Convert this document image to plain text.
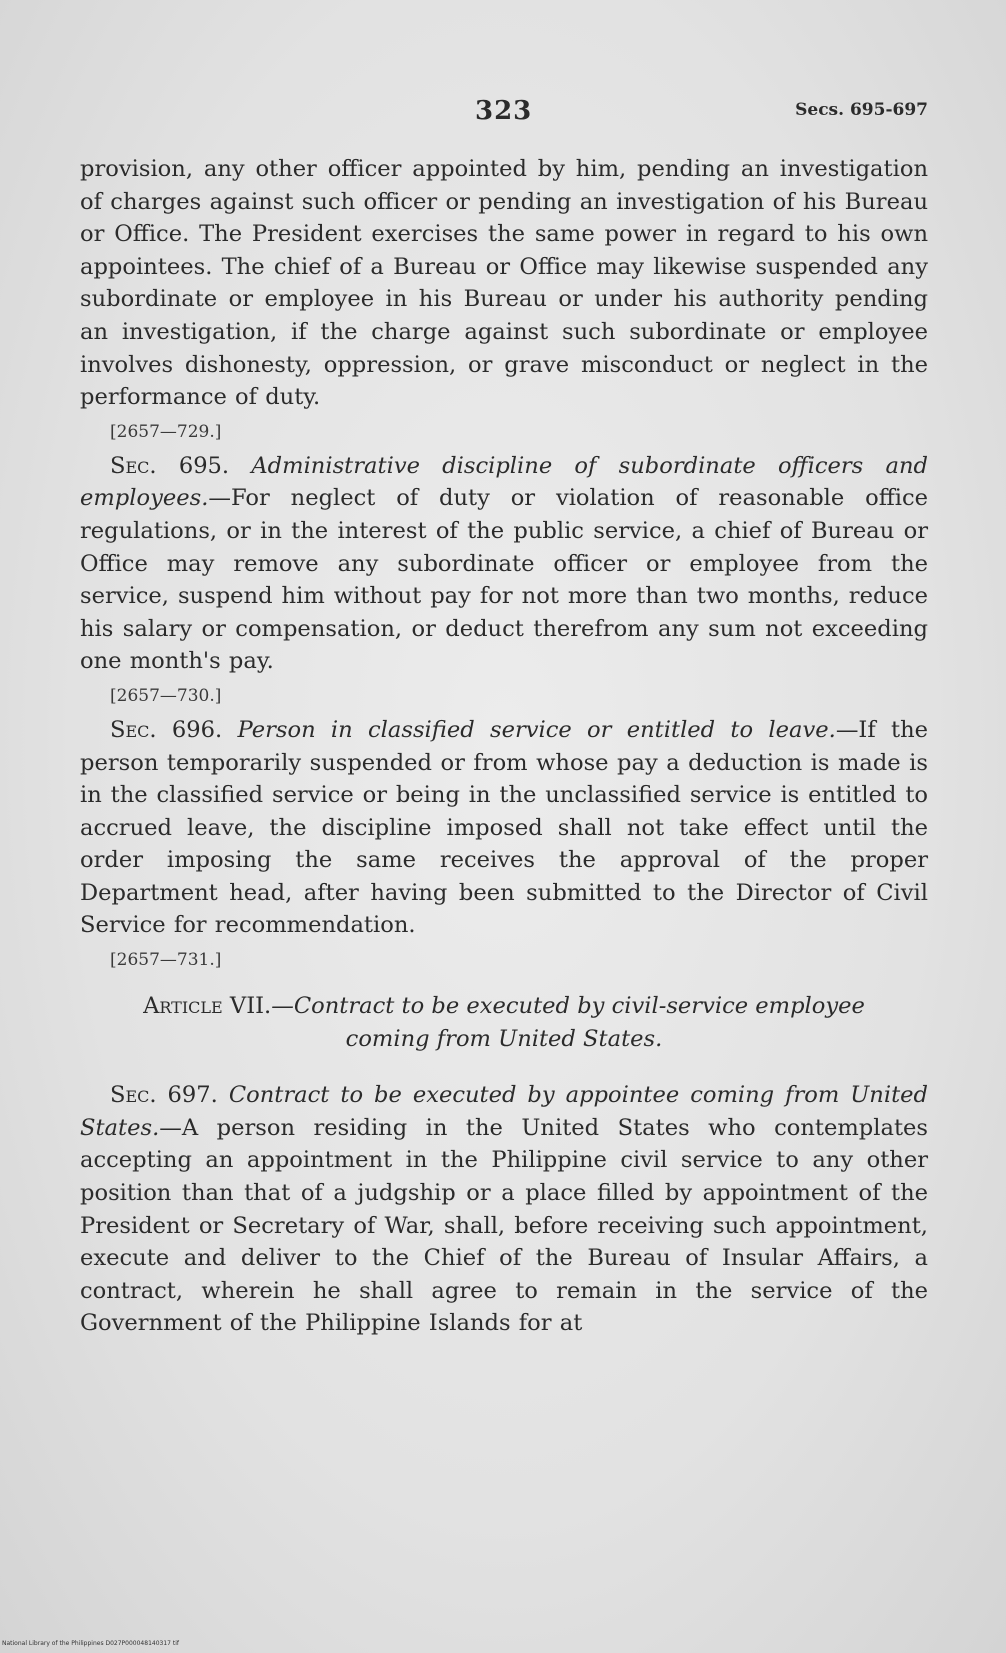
323	Secs. 695-697

provision, any other officer appointed by him, pending an investigation of charges against such officer or pending an investigation of his Bureau or Office. The President exercises the same power in regard to his own appointees. The chief of a Bureau or Office may likewise suspended any subordinate or employee in his Bureau or under his authority pending an investigation, if the charge against such subordinate or employee involves dishonesty, oppression, or grave misconduct or neglect in the performance of duty.

[2657—729.]

Sec. 695. Administrative discipline of subordinate officers and employees.—For neglect of duty or violation of reasonable office regulations, or in the interest of the public service, a chief of Bureau or Office may remove any subordinate officer or employee from the service, suspend him without pay for not more than two months, reduce his salary or compensation, or deduct therefrom any sum not exceeding one month's pay.

[2657—730.]

Sec. 696. Person in classified service or entitled to leave.—If the person temporarily suspended or from whose pay a deduction is made is in the classified service or being in the unclassified service is entitled to accrued leave, the discipline imposed shall not take effect until the order imposing the same receives the approval of the proper Department head, after having been submitted to the Director of Civil Service for recommendation.

[2657—731.]
Article VII.—Contract to be executed by civil-service employee coming from United States.

Sec. 697. Contract to be executed by appointee coming from United States.—A person residing in the United States who contemplates accepting an appointment in the Philippine civil service to any other position than that of a judgship or a place filled by appointment of the President or Secretary of War, shall, before receiving such appointment, execute and deliver to the Chief of the Bureau of Insular Affairs, a contract, wherein he shall agree to remain in the service of the Government of the Philippine Islands for at

National Library of the Philippines D027P000048140317 tif
